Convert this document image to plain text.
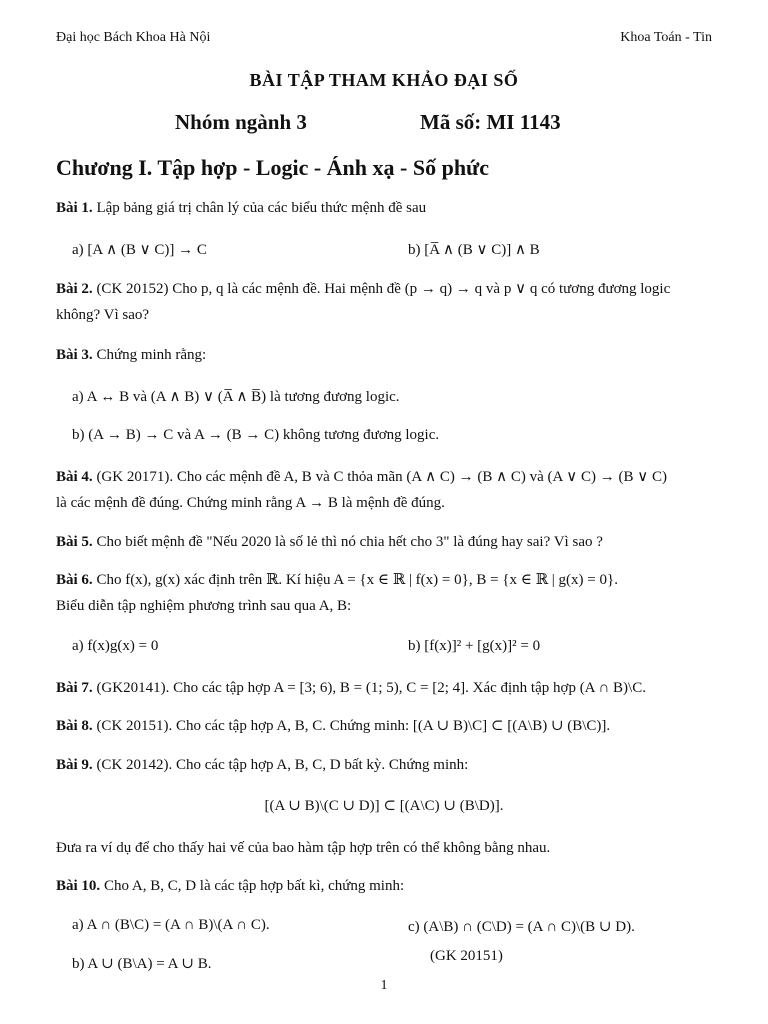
Đại học Bách Khoa Hà Nội	Khoa Toán - Tin
BÀI TẬP THAM KHẢO ĐẠI SỐ
Nhóm ngành 3	Mã số: MI 1143
Chương I. Tập hợp - Logic - Ánh xạ - Số phức
Bài 1. Lập bảng giá trị chân lý của các biểu thức mệnh đề sau
a) [A ∧ (B ∨ C)] → C	b) [A̅ ∧ (B ∨ C)] ∧ B
Bài 2. (CK 20152) Cho p, q là các mệnh đề. Hai mệnh đề (p → q) → q và p ∨ q có tương đương logic
không? Vì sao?
Bài 3. Chứng minh rằng:
a) A ↔ B và (A ∧ B) ∨ (A̅ ∧ B̅) là tương đương logic.
b) (A → B) → C và A → (B → C) không tương đương logic.
Bài 4. (GK 20171). Cho các mệnh đề A, B và C thỏa mãn (A ∧ C) → (B ∧ C) và (A ∨ C) → (B ∨ C)
là các mệnh đề đúng. Chứng minh rằng A → B là mệnh đề đúng.
Bài 5. Cho biết mệnh đề "Nếu 2020 là số lẻ thì nó chia hết cho 3" là đúng hay sai? Vì sao ?
Bài 6. Cho f(x), g(x) xác định trên ℝ. Kí hiệu A = {x ∈ ℝ | f(x) = 0}, B = {x ∈ ℝ | g(x) = 0}.
Biểu diễn tập nghiệm phương trình sau qua A, B:
a) f(x)g(x) = 0	b) [f(x)]² + [g(x)]² = 0
Bài 7. (GK20141). Cho các tập hợp A = [3; 6), B = (1; 5), C = [2; 4]. Xác định tập hợp (A ∩ B)\C.
Bài 8. (CK 20151). Cho các tập hợp A, B, C. Chứng minh: [(A ∪ B)\C] ⊂ [(A\B) ∪ (B\C)].
Bài 9. (CK 20142). Cho các tập hợp A, B, C, D bất kỳ. Chứng minh:
[(A ∪ B)\(C ∪ D)] ⊂ [(A\C) ∪ (B\D)].
Đưa ra ví dụ để cho thấy hai vế của bao hàm tập hợp trên có thể không bằng nhau.
Bài 10. Cho A, B, C, D là các tập hợp bất kì, chứng minh:
a) A ∩ (B\C) = (A ∩ B)\(A ∩ C).
b) A ∪ (B\A) = A ∪ B.
c) (A\B) ∩ (C\D) = (A ∩ C)\(B ∪ D).
(GK 20151)
1
